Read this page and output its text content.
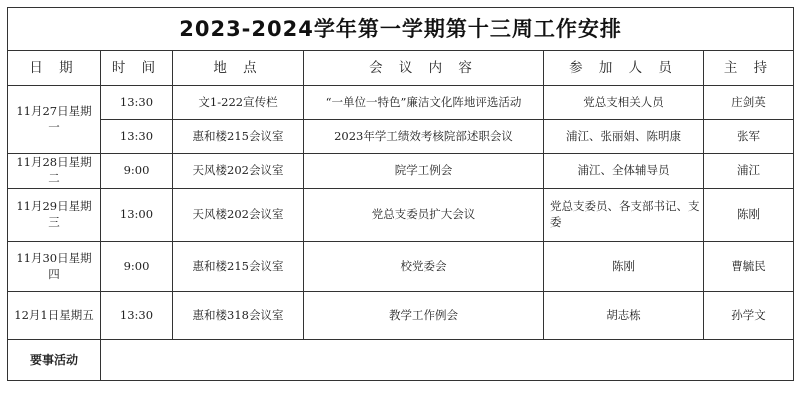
2023-2024学年第一学期第十三周工作安排					
日 期	时 间	地 点	会 议 内 容	参 加 人 员	主 持
11月27日星期一	13:30	文1-222宣传栏	“一单位一特色”廉洁文化阵地评选活动	党总支相关人员	庄剑英
	13:30	惠和楼215会议室	2023年学工绩效考核院部述职会议	浦江、张丽娟、陈明康	张军
11月28日星期二	9:00	天风楼202会议室	院学工例会	浦江、全体辅导员	浦江
11月29日星期三	13:00	天风楼202会议室	党总支委员扩大会议	党总支委员、各支部书记、支委	陈刚
11月30日星期四	9:00	惠和楼215会议室	校党委会	陈刚	曹毓民
12月1日星期五	13:30	惠和楼318会议室	教学工作例会	胡志栋	孙学文
要事活动					
